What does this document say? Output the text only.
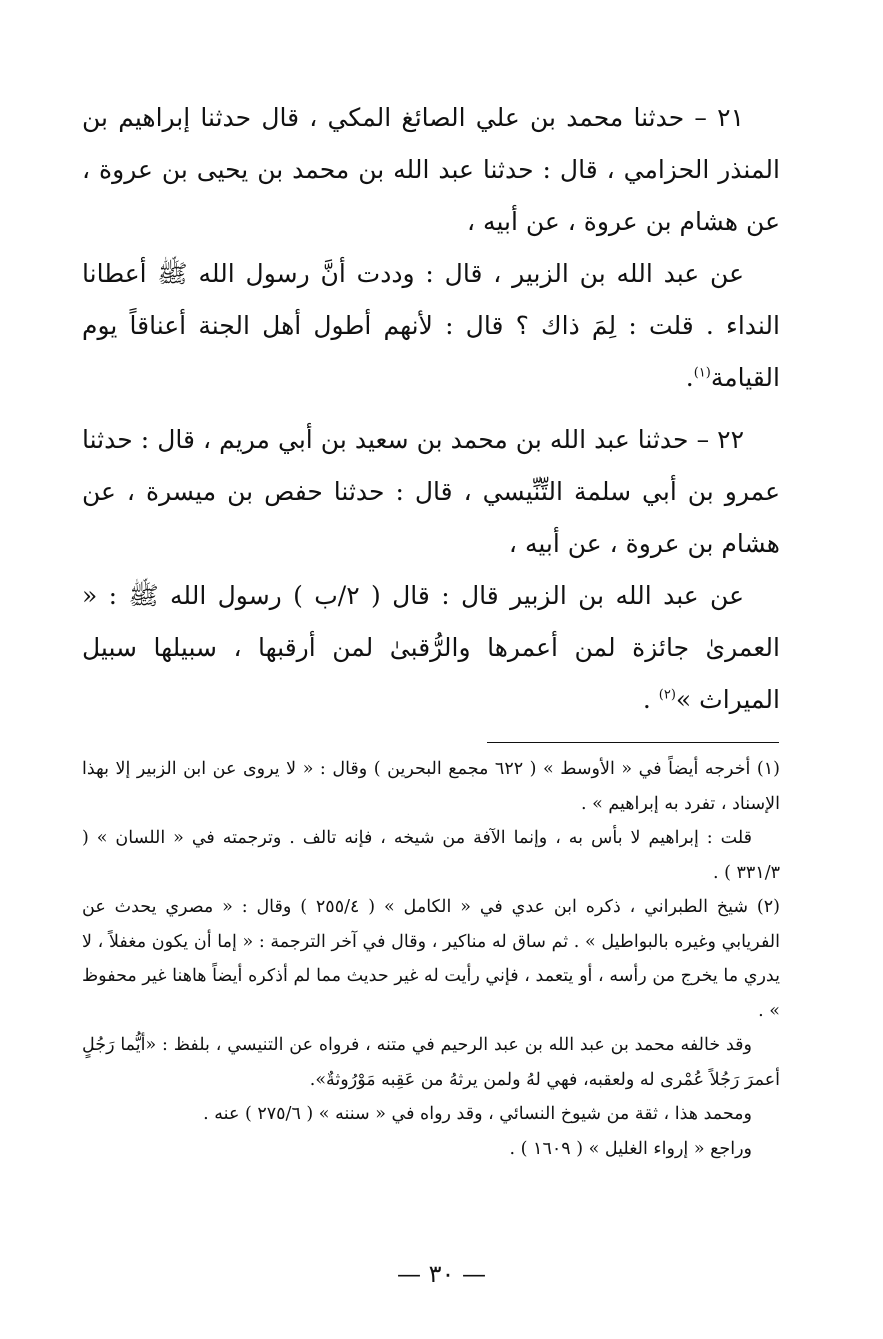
٢١ – حدثنا محمد بن علي الصائغ المكي ، قال حدثنا إبراهيم بن المنذر الحزامي ، قال : حدثنا عبد الله بن محمد بن يحيى بن عروة ، عن هشام بن عروة ، عن أبيه ،

عن عبد الله بن الزبير ، قال : وددت أنَّ رسول الله ﷺ أعطانا النداء . قلت : لِمَ ذاك ؟ قال : لأنهم أطول أهل الجنة أعناقاً يوم القيامة$^{(١)}$.

٢٢ – حدثنا عبد الله بن محمد بن سعيد بن أبي مريم ، قال : حدثنا عمرو بن أبي سلمة التِّنِّيسي ، قال : حدثنا حفص بن ميسرة ، عن هشام بن عروة ، عن أبيه ،

عن عبد الله بن الزبير قال : قال ( ٢/ب ) رسول الله ﷺ : « العمرىٰ جائزة لمن أعمرها والرُّقبىٰ لمن أرقبها ، سبيلها سبيل الميراث »$^{(٢)}$ .

(١) أخرجه أيضاً في « الأوسط » ( ٦٢٢ مجمع البحرين ) وقال : « لا يروى عن ابن الزبير إلا بهذا الإسناد ، تفرد به إبراهيم » .

قلت : إبراهيم لا بأس به ، وإنما الآفة من شيخه ، فإنه تالف . وترجمته في « اللسان » ( ٣٣١/٣ ) .

(٢) شيخ الطبراني ، ذكره ابن عدي في « الكامل » ( ٢٥٥/٤ ) وقال : « مصري يحدث عن الفريابي وغيره بالبواطيل » . ثم ساق له مناكير ، وقال في آخر الترجمة : « إما أن يكون مغفلاً ، لا يدري ما يخرج من رأسه ، أو يتعمد ، فإني رأيت له غير حديث مما لم أذكره أيضاً هاهنا غير محفوظ » .

وقد خالفه محمد بن عبد الله بن عبد الرحيم في متنه ، فرواه عن التنيسي ، بلفظ : «أيُّما رَجُلٍ أعمرَ رَجُلاً عُمْرى له ولعقبه، فهي لهُ ولمن يرثهُ من عَقِبه مَوْرُوثةٌ».

ومحمد هذا ، ثقة من شيوخ النسائي ، وقد رواه في « سننه » ( ٢٧٥/٦ ) عنه .

وراجع « إرواء الغليل » ( ١٦٠٩ ) .

— ٣٠ —
